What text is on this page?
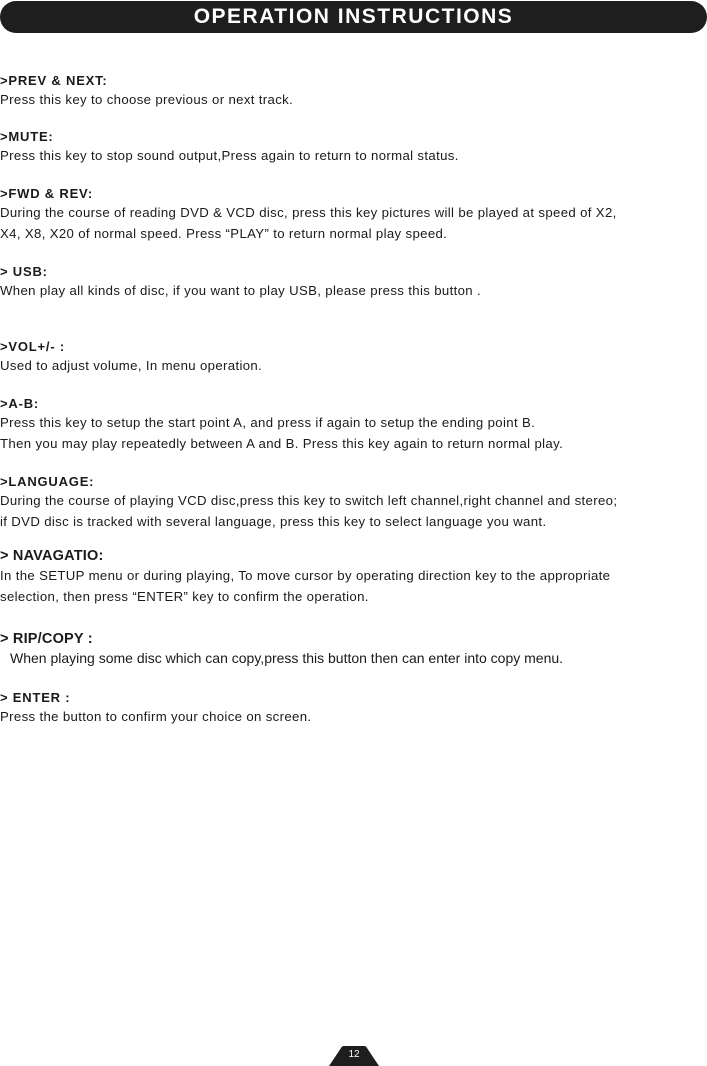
OPERATION INSTRUCTIONS
>PREV & NEXT:
Press this key to choose previous or next track.
>MUTE:
Press this key to stop sound output,Press again to return to normal status.
>FWD & REV:
During the course of reading DVD & VCD disc, press this key pictures will be played at speed of X2,
X4, X8, X20 of normal speed. Press “PLAY” to return normal play speed.
> USB:
When play all kinds of disc, if you want to play USB, please press this button .
>VOL+/- :
Used to adjust volume, In menu operation.
>A-B:
Press this key to setup the start point A, and press if again to setup the ending point B.
Then you may play repeatedly between A and B. Press this key again to return normal play.
>LANGUAGE:
During the course of playing VCD disc,press this key to switch left channel,right channel and stereo;
if DVD disc is tracked with several language, press this key to select language you want.
> NAVAGATIO:
In the SETUP menu or during playing, To move cursor by operating direction key to the appropriate
selection, then press “ENTER” key to confirm the operation.
> RIP/COPY :
When playing some disc which can copy,press this button then can enter into copy menu.
> ENTER :
Press the button to confirm your choice on screen.
12
